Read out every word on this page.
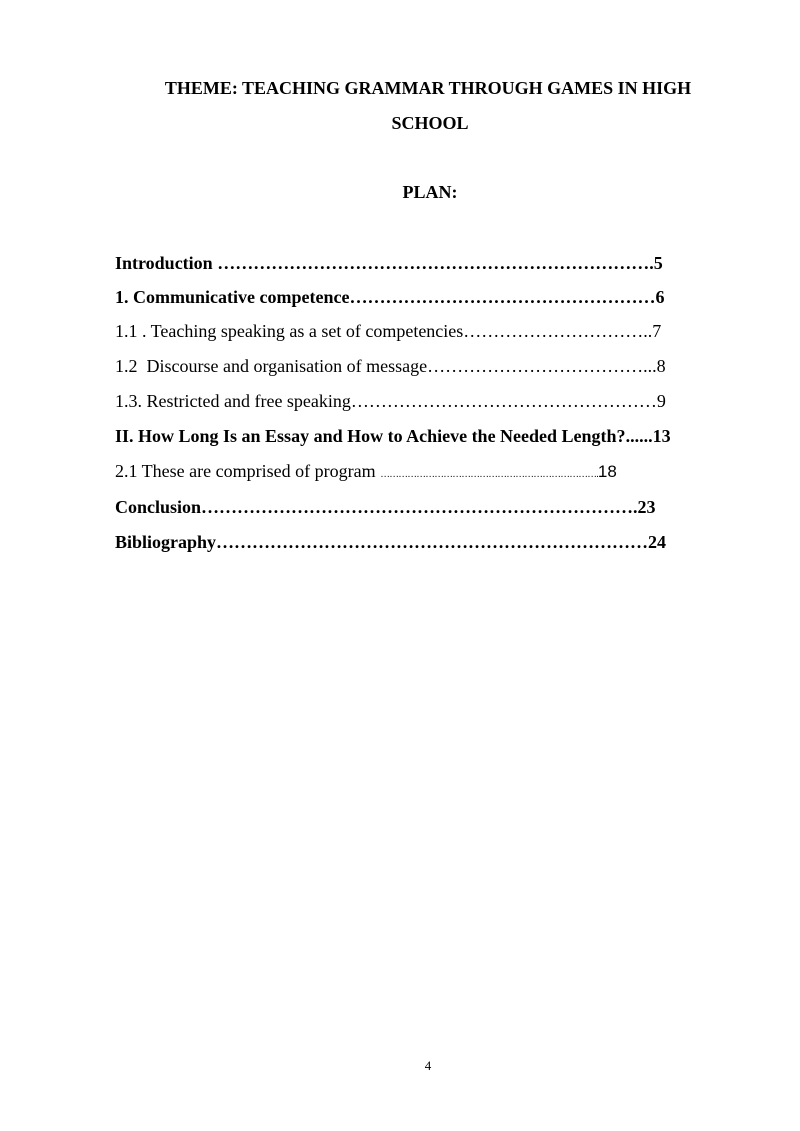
THEME: TEACHING GRAMMAR THROUGH GAMES IN HIGH
SCHOOL
PLAN:
Introduction ……………………………………………………………….5
1. Communicative competence……………………………………………6
1.1 . Teaching speaking as a set of competencies…………………………..7
1.2  Discourse and organisation of message………………………………...8
1.3. Restricted and free speaking……………………………………………9
II. How Long Is an Essay and How to Achieve the Needed Length?......13
2.1 These are comprised of program ……………………………………………………………….18
Conclusion……………………………………………………………….23
Bibliography………………………………………………………………24
4
